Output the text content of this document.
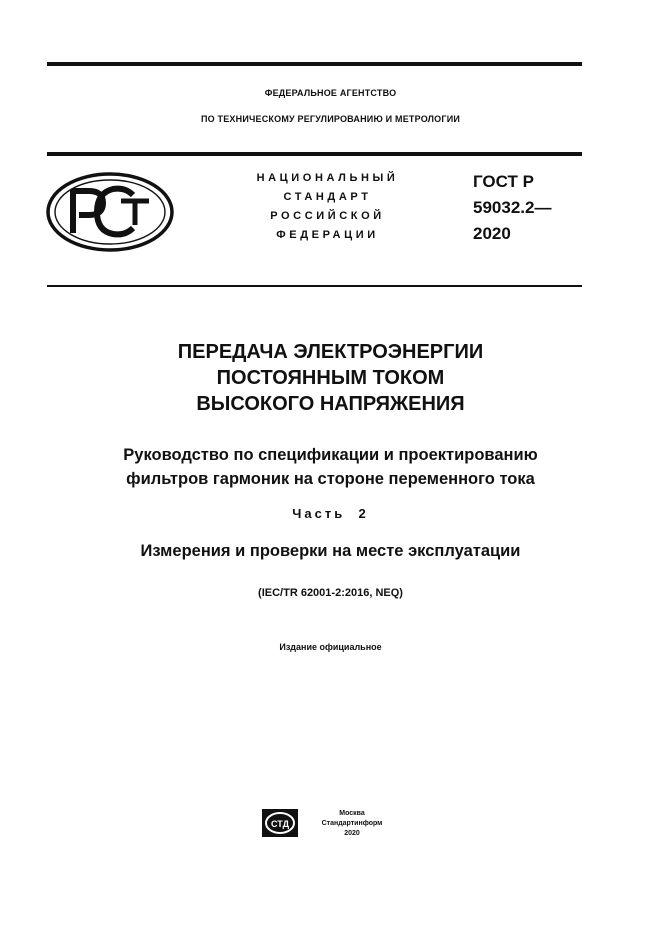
ФЕДЕРАЛЬНОЕ АГЕНТСТВО
ПО ТЕХНИЧЕСКОМУ РЕГУЛИРОВАНИЮ И МЕТРОЛОГИИ
НАЦИОНАЛЬНЫЙ
СТАНДАРТ
РОССИЙСКОЙ
ФЕДЕРАЦИИ
ГОСТ Р
59032.2—
2020
ПЕРЕДАЧА ЭЛЕКТРОЭНЕРГИИ
ПОСТОЯННЫМ ТОКОМ
ВЫСОКОГО НАПРЯЖЕНИЯ
Руководство по спецификации и проектированию
фильтров гармоник на стороне переменного тока
Часть  2
Измерения и проверки на месте эксплуатации
(IEC/TR 62001-2:2016, NEQ)
Издание официальное
СТД
Москва
Стандартинформ
2020
